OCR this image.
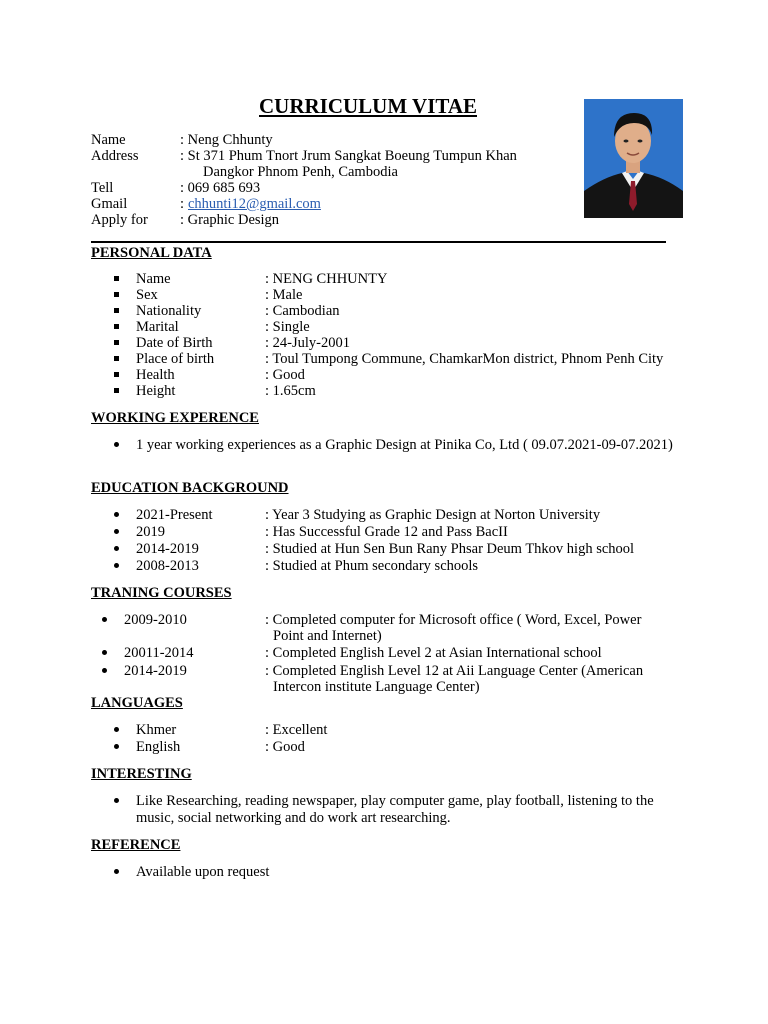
CURRICULUM VITAE
Name	: Neng Chhunty
Address	: St 371 Phum Tnort Jrum Sangkat Boeung Tumpun Khan
Dangkor Phnom Penh, Cambodia
Tell	: 069 685 693
Gmail	: chhunti12@gmail.com
Apply for : Graphic Design
PERSONAL DATA
Name	: NENG CHHUNTY
Sex	: Male
Nationality	: Cambodian
Marital	: Single
Date of Birth	: 24-July-2001
Place of birth	: Toul Tumpong Commune, ChamkarMon district, Phnom Penh City
Health	: Good
Height	: 1.65cm
WORKING EXPERENCE
1 year working experiences as a Graphic Design at Pinika Co, Ltd ( 09.07.2021-09-07.2021)
EDUCATION BACKGROUND
2021-Present	: Year 3 Studying as Graphic Design at Norton University
2019	: Has Successful Grade 12 and Pass BacII
2014-2019	: Studied at Hun Sen Bun Rany Phsar Deum Thkov high school
2008-2013	: Studied at Phum secondary schools
TRANING COURSES
2009-2010	: Completed computer for Microsoft office ( Word, Excel, Power
Point and Internet)
20011-2014	: Completed English Level 2 at Asian International school
2014-2019	: Completed English Level 12 at Aii Language Center (American
Intercon institute Language Center)
LANGUAGES
Khmer	: Excellent
English	: Good
INTERESTING
Like Researching, reading newspaper, play computer game, play football, listening to the
music, social networking and do work art researching.
REFERENCE
Available upon request
